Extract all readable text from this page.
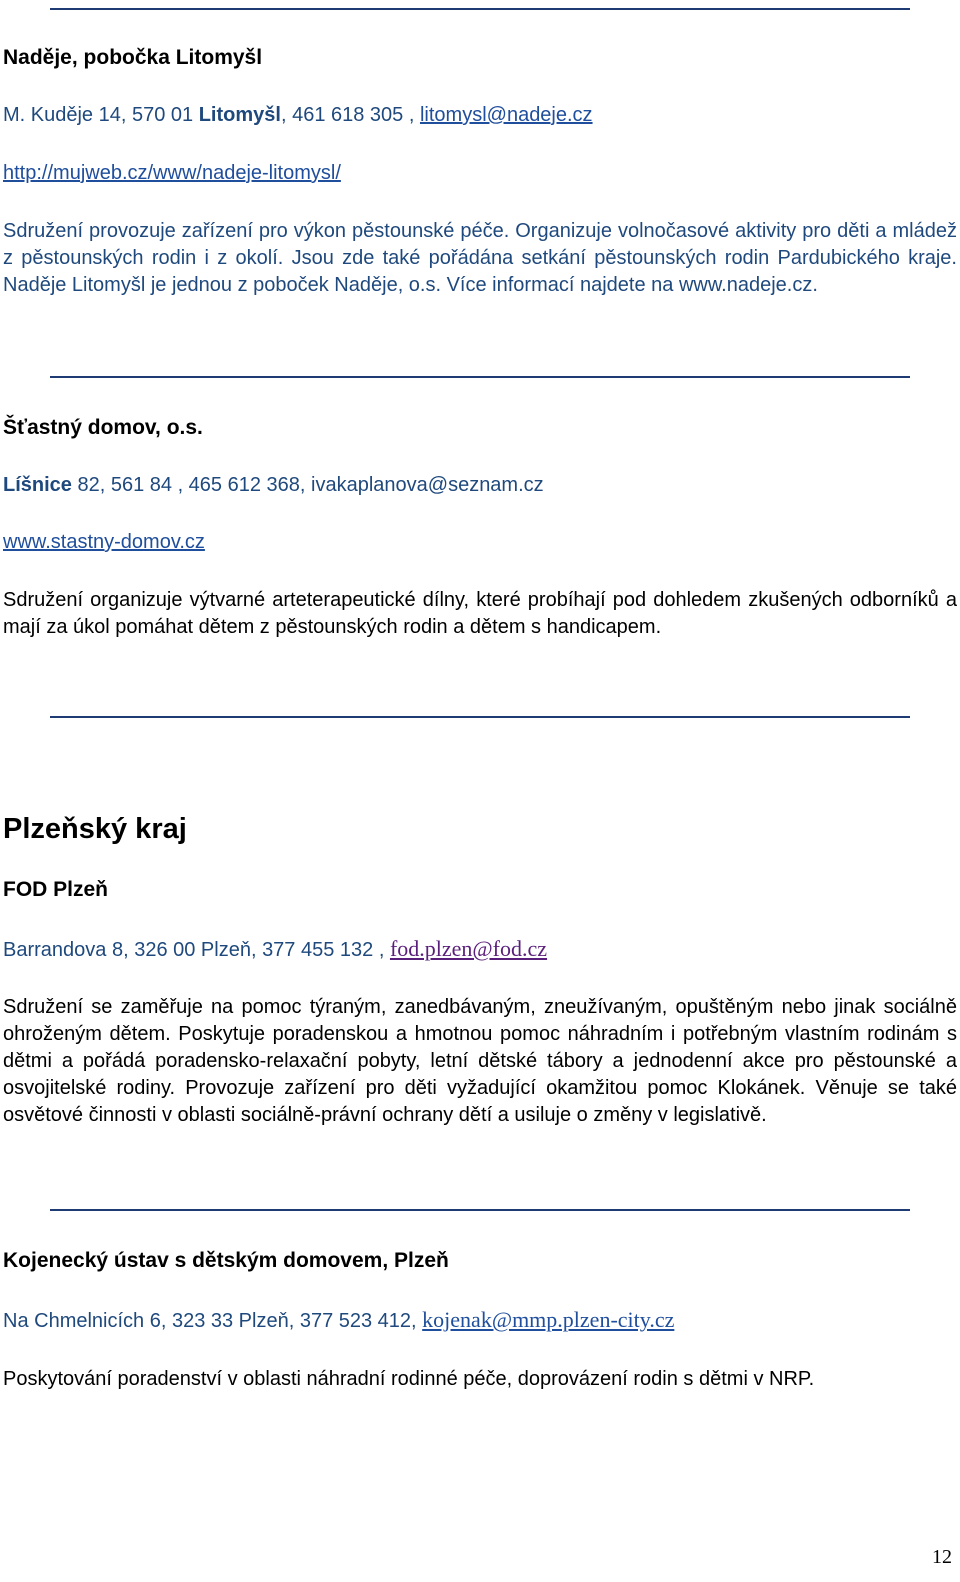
Naděje, pobočka Litomyšl
M. Kuděje 14, 570 01 Litomyšl, 461 618 305 , litomysl@nadeje.cz
http://mujweb.cz/www/nadeje-litomysl/
Sdružení provozuje zařízení pro výkon pěstounské péče. Organizuje volnočasové aktivity pro děti a mládež z pěstounských rodin i z okolí. Jsou zde také pořádána setkání pěstounských rodin Pardubického kraje. Naděje Litomyšl je jednou z poboček Naděje, o.s. Více informací najdete na www.nadeje.cz.
Šťastný domov, o.s.
Líšnice 82, 561 84 , 465 612 368, ivakaplanova@seznam.cz
www.stastny-domov.cz
Sdružení organizuje výtvarné arteterapeutické dílny, které probíhají pod dohledem zkušených odborníků a mají za úkol pomáhat dětem z pěstounských rodin a dětem s handicapem.
Plzeňský kraj
FOD Plzeň
Barrandova 8, 326 00 Plzeň, 377 455 132 , fod.plzen@fod.cz
Sdružení se zaměřuje na pomoc týraným, zanedbávaným, zneužívaným, opuštěným nebo jinak sociálně ohroženým dětem. Poskytuje poradenskou a hmotnou pomoc náhradním i potřebným vlastním rodinám s dětmi a pořádá poradensko-relaxační pobyty, letní dětské tábory a jednodenní akce pro pěstounské a osvojitelské rodiny. Provozuje zařízení pro děti vyžadující okamžitou pomoc Klokánek. Věnuje se také osvětové činnosti v oblasti sociálně-právní ochrany dětí a usiluje o změny v legislativě.
Kojenecký ústav s dětským domovem, Plzeň
Na Chmelnicích 6, 323 33 Plzeň, 377 523 412, kojenak@mmp.plzen-city.cz
Poskytování poradenství v oblasti náhradní rodinné péče, doprovázení rodin s dětmi v NRP.
12
